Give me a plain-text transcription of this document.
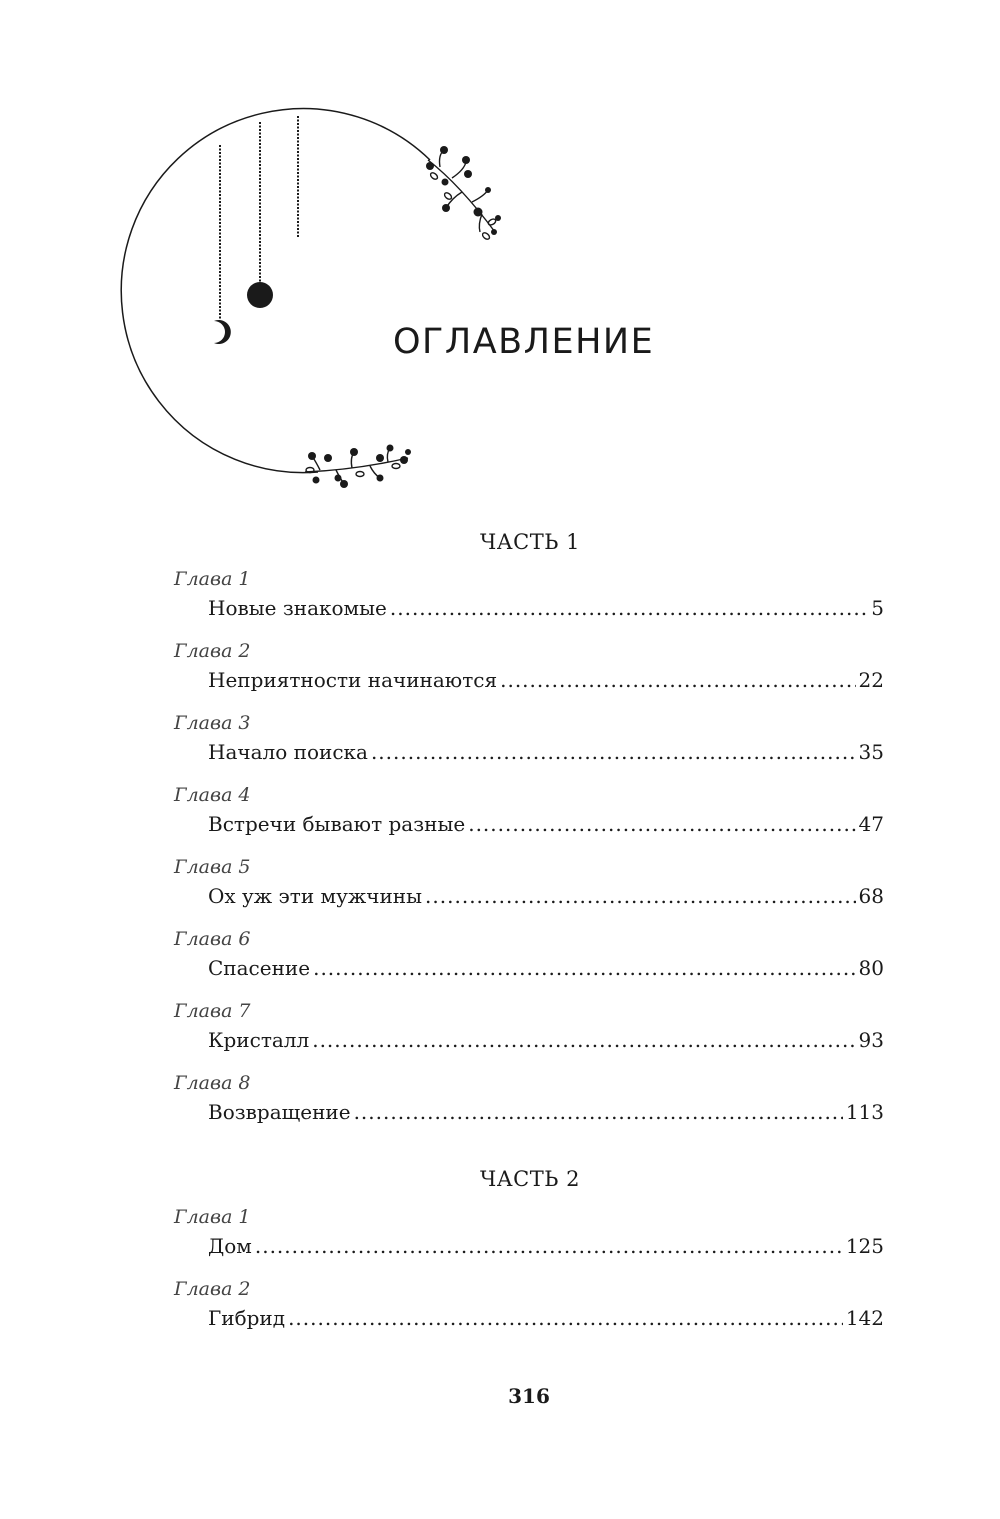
ОГЛАВЛЕНИЕ
ЧАСТЬ 1
Глава 1
Новые знакомые .....	5
Глава 2
Неприятности начинаются .....	22
Глава 3
Начало поиска .....	35
Глава 4
Встречи бывают разные .....	47
Глава 5
Ох уж эти мужчины .....	68
Глава 6
Спасение .....	80
Глава 7
Кристалл .....	93
Глава 8
Возвращение .....	113
ЧАСТЬ 2
Глава 1
Дом .....	125
Глава 2
Гибрид .....	142
316
